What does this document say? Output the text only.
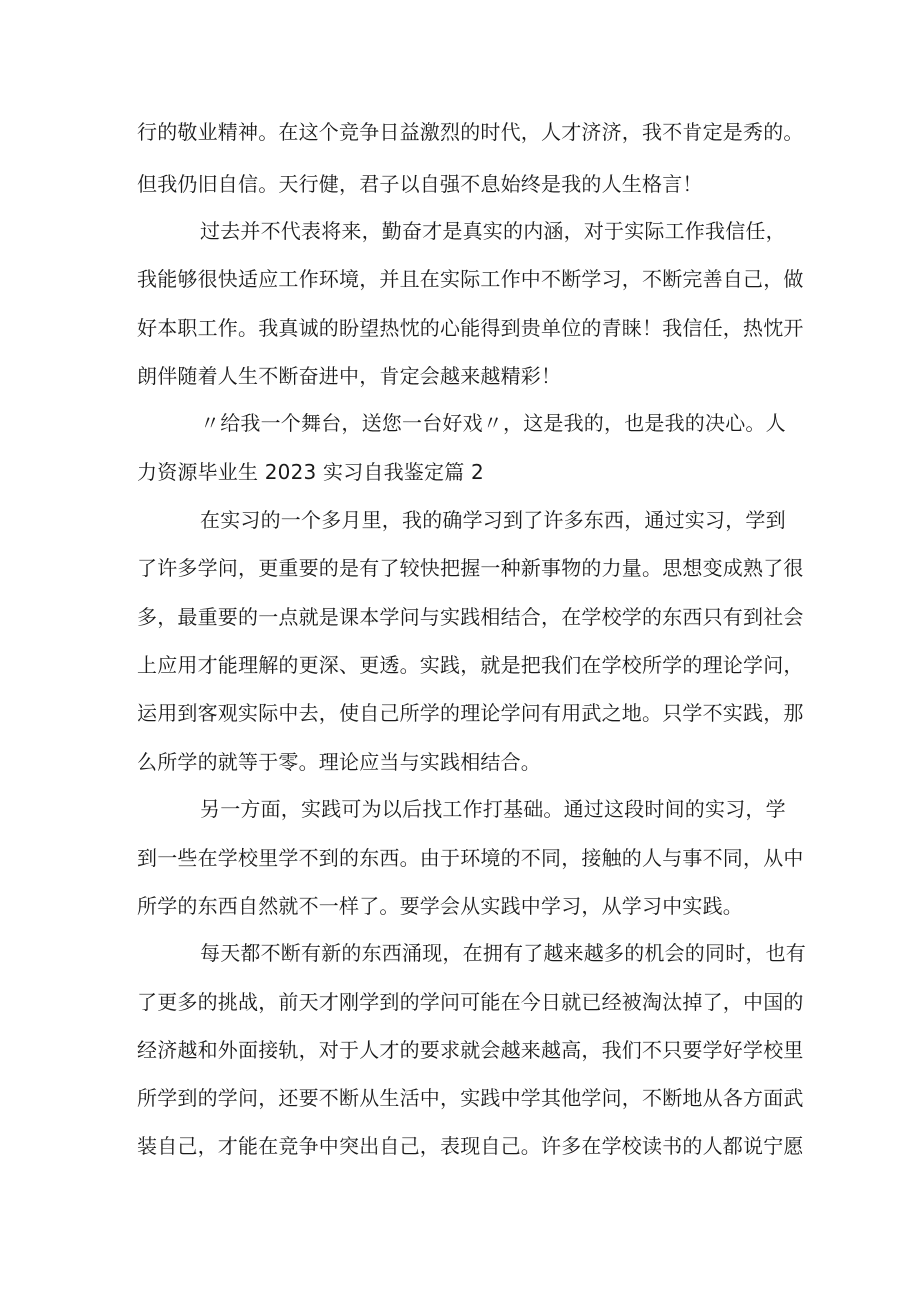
行的敬业精神。在这个竞争日益激烈的时代，人才济济，我不肯定是秀的。
但我仍旧自信。天行健，君子以自强不息始终是我的人生格言！
过去并不代表将来，勤奋才是真实的内涵，对于实际工作我信任，
我能够很快适应工作环境，并且在实际工作中不断学习，不断完善自己，做
好本职工作。我真诚的盼望热忱的心能得到贵单位的青睐！我信任，热忱开
朗伴随着人生不断奋进中，肯定会越来越精彩！
〃给我一个舞台，送您一台好戏〃，这是我的，也是我的决心。人
力资源毕业生 2023 实习自我鉴定篇 2
在实习的一个多月里，我的确学习到了许多东西，通过实习，学到
了许多学问，更重要的是有了较快把握一种新事物的力量。思想变成熟了很
多，最重要的一点就是课本学问与实践相结合，在学校学的东西只有到社会
上应用才能理解的更深、更透。实践，就是把我们在学校所学的理论学问，
运用到客观实际中去，使自己所学的理论学问有用武之地。只学不实践，那
么所学的就等于零。理论应当与实践相结合。
另一方面，实践可为以后找工作打基础。通过这段时间的实习，学
到一些在学校里学不到的东西。由于环境的不同，接触的人与事不同，从中
所学的东西自然就不一样了。要学会从实践中学习，从学习中实践。
每天都不断有新的东西涌现，在拥有了越来越多的机会的同时，也有
了更多的挑战，前天才刚学到的学问可能在今日就已经被淘汰掉了，中国的
经济越和外面接轨，对于人才的要求就会越来越高，我们不只要学好学校里
所学到的学问，还要不断从生活中，实践中学其他学问，不断地从各方面武
装自己，才能在竞争中突出自己，表现自己。许多在学校读书的人都说宁愿
